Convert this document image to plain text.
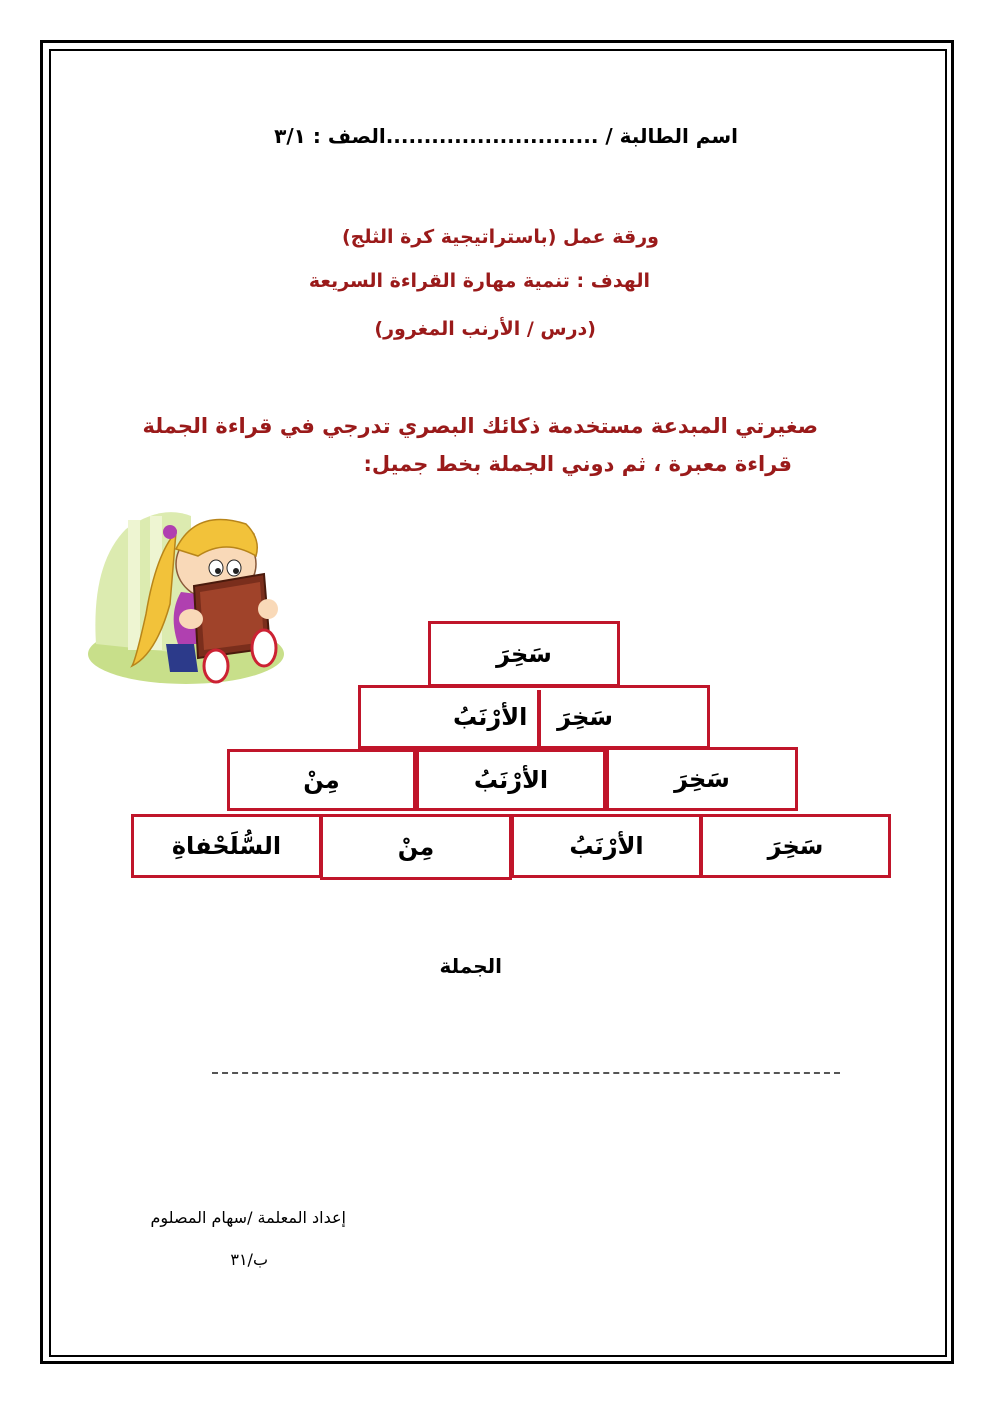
اسم الطالبة / ............................الصف : ٣/١
ورقة عمل (باستراتيجية كرة الثلج)
الهدف : تنمية مهارة القراءة السريعة
(درس / الأرنب المغرور)
صغيرتي المبدعة مستخدمة ذكائك البصري تدرجي في قراءة الجملة
قراءة معبرة ، ثم دوني الجملة بخط جميل:
سَخِرَ
سَخِرَ
الأرْنَبُ
سَخِرَ
الأرْنَبُ
مِنْ
سَخِرَ
الأرْنَبُ
مِنْ
السُّلَحْفاةِ
الجملة
إعداد المعلمة /سهام المصلوم
ب/٣١
